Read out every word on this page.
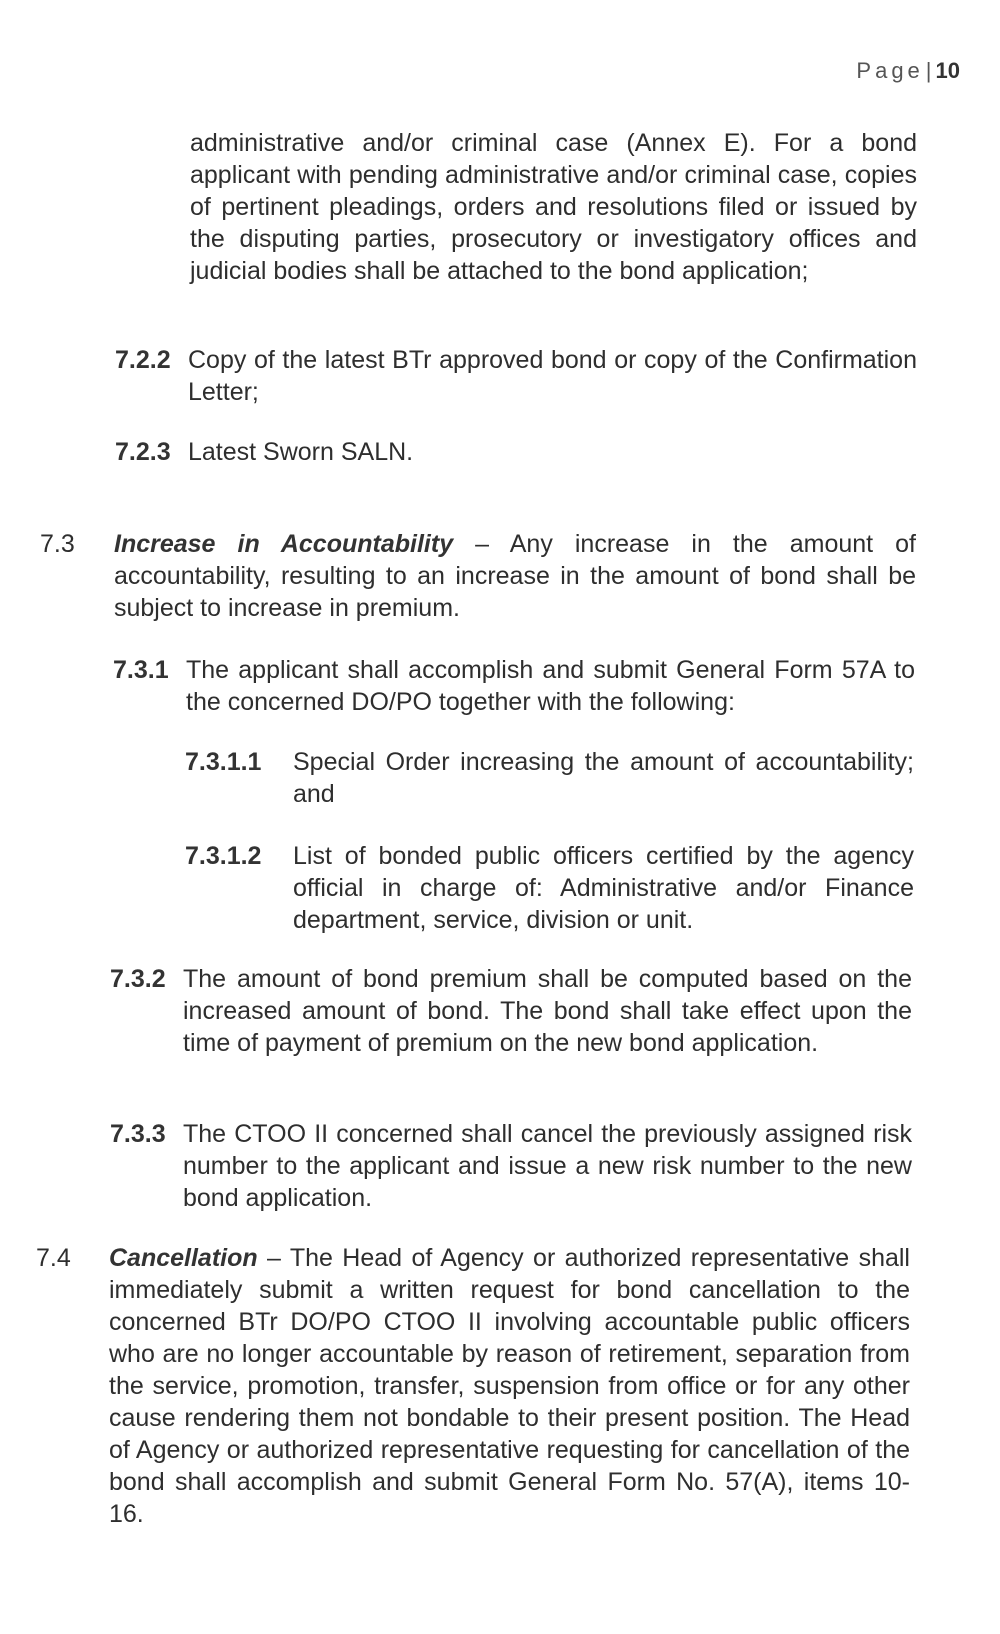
Page| 10
administrative and/or criminal case (Annex E). For a bond applicant with pending administrative and/or criminal case, copies of pertinent pleadings, orders and resolutions filed or issued by the disputing parties, prosecutory or investigatory offices and judicial bodies shall be attached to the bond application;
7.2.2 Copy of the latest BTr approved bond or copy of the Confirmation Letter;
7.2.3 Latest Sworn SALN.
7.3 Increase in Accountability – Any increase in the amount of accountability, resulting to an increase in the amount of bond shall be subject to increase in premium.
7.3.1 The applicant shall accomplish and submit General Form 57A to the concerned DO/PO together with the following:
7.3.1.1	Special Order increasing the amount of accountability; and
7.3.1.2	List of bonded public officers certified by the agency official in charge of: Administrative and/or Finance department, service, division or unit.
7.3.2 The amount of bond premium shall be computed based on the increased amount of bond. The bond shall take effect upon the time of payment of premium on the new bond application.
7.3.3 The CTOO II concerned shall cancel the previously assigned risk number to the applicant and issue a new risk number to the new bond application.
7.4 Cancellation – The Head of Agency or authorized representative shall immediately submit a written request for bond cancellation to the concerned BTr DO/PO CTOO II involving accountable public officers who are no longer accountable by reason of retirement, separation from the service, promotion, transfer, suspension from office or for any other cause rendering them not bondable to their present position. The Head of Agency or authorized representative requesting for cancellation of the bond shall accomplish and submit General Form No. 57(A), items 10-16.
